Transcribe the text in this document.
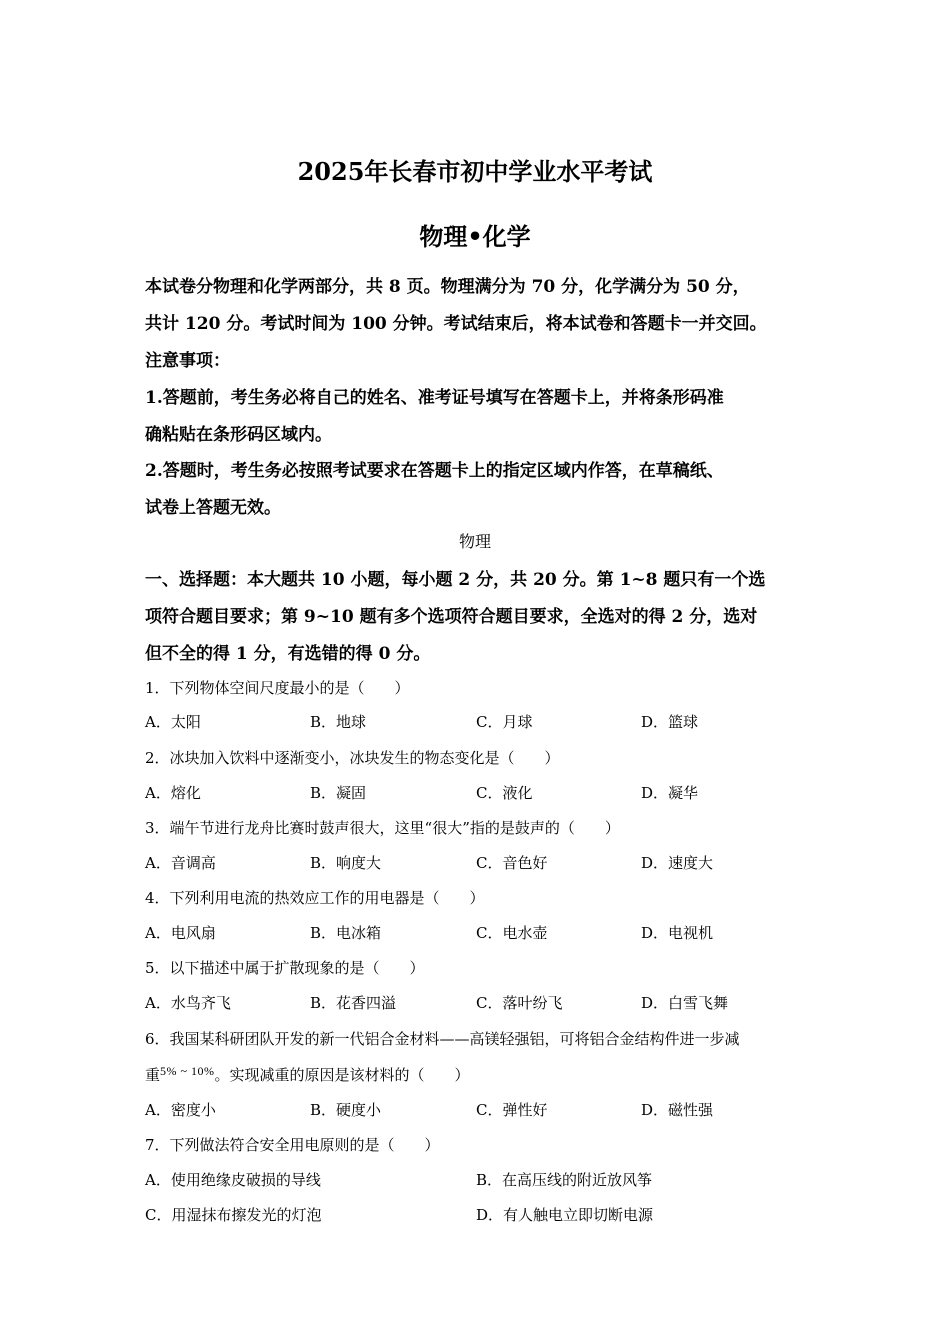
2025年长春市初中学业水平考试
物理•化学
本试卷分物理和化学两部分，共 8 页。物理满分为 70 分，化学满分为 50 分，
共计 120 分。考试时间为 100 分钟。考试结束后，将本试卷和答题卡一并交回。
注意事项：
1.答题前，考生务必将自己的姓名、准考证号填写在答题卡上，并将条形码准
确粘贴在条形码区域内。
2.答题时，考生务必按照考试要求在答题卡上的指定区域内作答，在草稿纸、
试卷上答题无效。
物理
一、选择题：本大题共 10 小题，每小题 2 分，共 20 分。第 1~8 题只有一个选
项符合题目要求；第 9~10 题有多个选项符合题目要求，全选对的得 2 分，选对
但不全的得 1 分，有选错的得 0 分。
1．下列物体空间尺度最小的是（　　）
A．太阳	B．地球	C．月球	D．篮球
2．冰块加入饮料中逐渐变小，冰块发生的物态变化是（　　）
A．熔化	B．凝固	C．液化	D．凝华
3．端午节进行龙舟比赛时鼓声很大，这里“很大”指的是鼓声的（　　）
A．音调高	B．响度大	C．音色好	D．速度大
4．下列利用电流的热效应工作的用电器是（　　）
A．电风扇	B．电冰箱	C．电水壶	D．电视机
5．以下描述中属于扩散现象的是（　　）
A．水鸟齐飞	B．花香四溢	C．落叶纷飞	D．白雪飞舞
6．我国某科研团队开发的新一代铝合金材料——高镁轻强铝，可将铝合金结构件进一步减
重$^{5\% \sim 10\%}$。实现减重的原因是该材料的（　　）
A．密度小	B．硬度小	C．弹性好	D．磁性强
7．下列做法符合安全用电原则的是（　　）
A．使用绝缘皮破损的导线	B．在高压线的附近放风筝
C．用湿抹布擦发光的灯泡	D．有人触电立即切断电源
